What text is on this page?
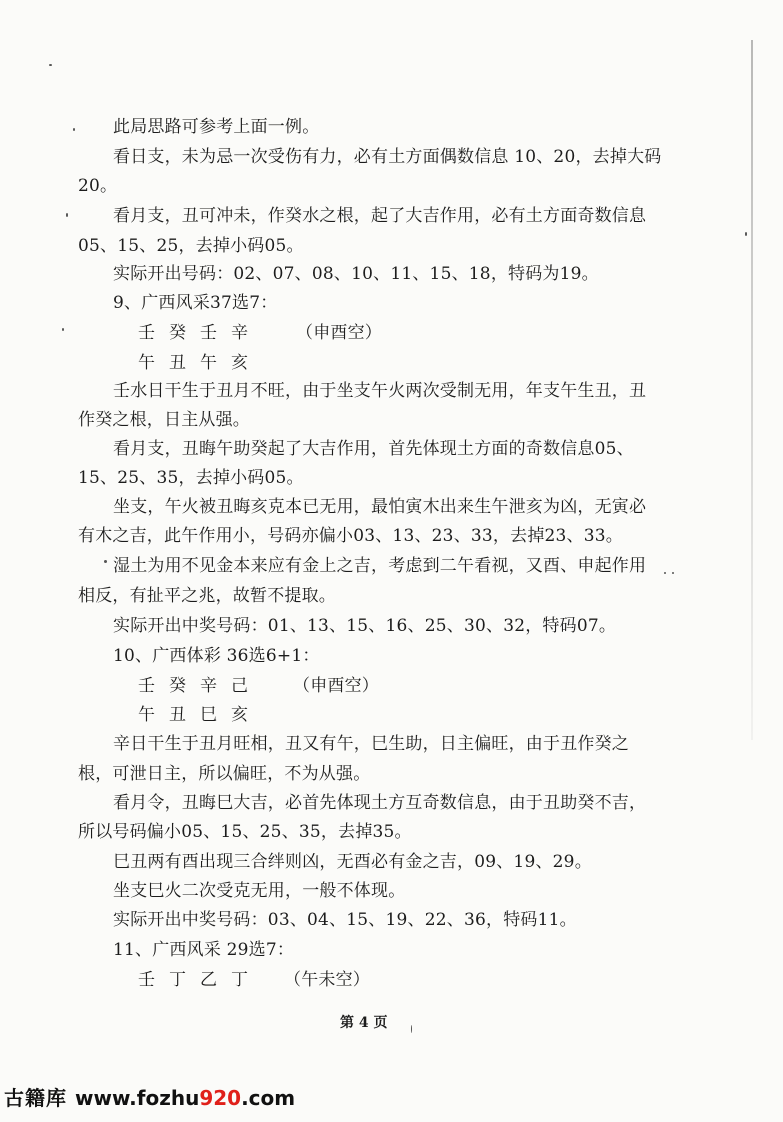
此局思路可参考上面一例。
看日支，未为忌一次受伤有力，必有土方面偶数信息 10、20，去掉大码
20。
看月支，丑可冲未，作癸水之根，起了大吉作用，必有土方面奇数信息
05、15、25，去掉小码05。
实际开出号码：02、07、08、10、11、15、18，特码为19。
9、广西风采37选7：
壬癸壬辛 （申酉空）
午丑午亥
壬水日干生于丑月不旺，由于坐支午火两次受制无用，年支午生丑，丑
作癸之根，日主从强。
看月支，丑晦午助癸起了大吉作用，首先体现土方面的奇数信息05、
15、25、35，去掉小码05。
坐支，午火被丑晦亥克本已无用，最怕寅木出来生午泄亥为凶，无寅必
有木之吉，此午作用小，号码亦偏小03、13、23、33，去掉23、33。
湿土为用不见金本来应有金上之吉，考虑到二午看视，又酉、申起作用
相反，有扯平之兆，故暂不提取。
实际开出中奖号码：01、13、15、16、25、30、32，特码07。
10、广西体彩 36选6+1：
壬癸辛己 （申酉空）
午丑巳亥
辛日干生于丑月旺相，丑又有午，巳生助，日主偏旺，由于丑作癸之
根，可泄日主，所以偏旺，不为从强。
看月令，丑晦巳大吉，必首先体现土方互奇数信息，由于丑助癸不吉，
所以号码偏小05、15、25、35，去掉35。
巳丑两有酉出现三合绊则凶，无酉必有金之吉，09、19、29。
坐支巳火二次受克无用，一般不体现。
实际开出中奖号码：03、04、15、19、22、36，特码11。
11、广西风采 29选7：
壬丁乙丁 （午未空）
第 4 页
古籍库 www.fozhu920.com
